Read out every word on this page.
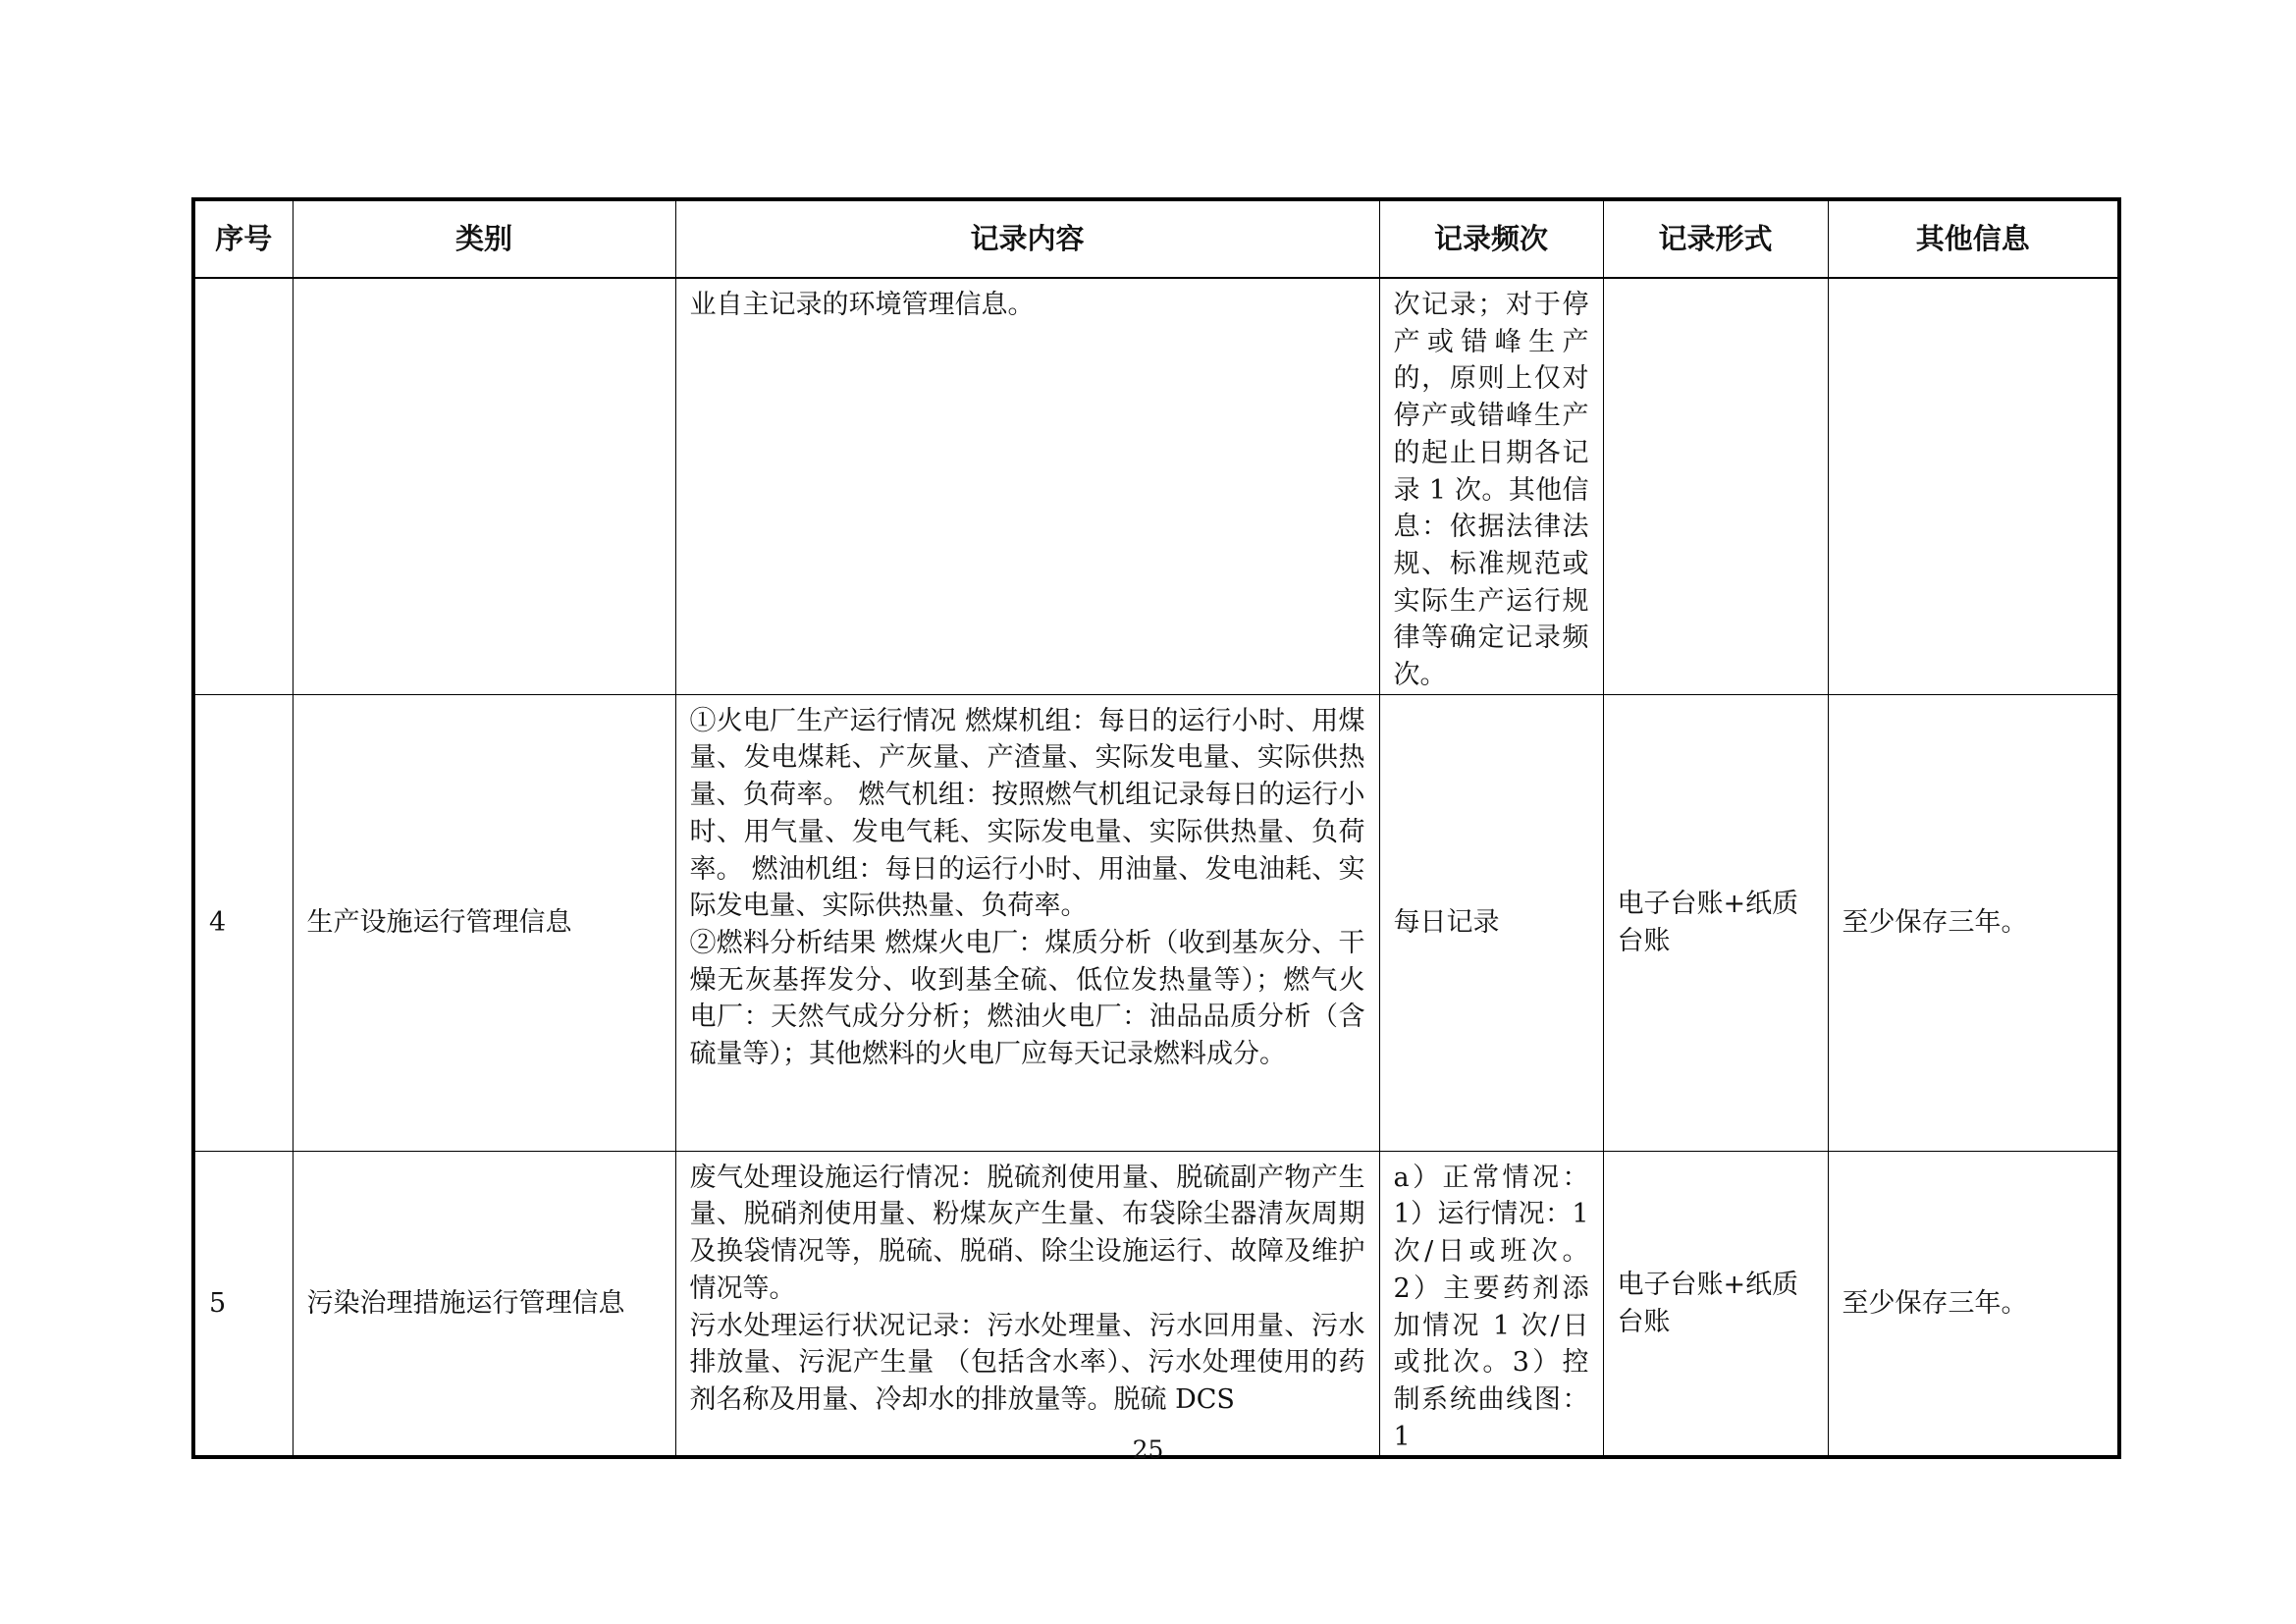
序号	类别	记录内容	记录频次	记录形式	其他信息

		业自主记录的环境管理信息。	次记录；对于停产或错峰生产的，原则上仅对停产或错峰生产的起止日期各记录 1 次。其他信息：依据法律法规、标准规范或实际生产运行规律等确定记录频次。		
4	生产设施运行管理信息	①火电厂生产运行情况 燃煤机组：每日的运行小时、用煤量、发电煤耗、产灰量、产渣量、实际发电量、实际供热量、负荷率。 燃气机组：按照燃气机组记录每日的运行小时、用气量、发电气耗、实际发电量、实际供热量、负荷率。 燃油机组：每日的运行小时、用油量、发电油耗、实际发电量、实际供热量、负荷率。
②燃料分析结果 燃煤火电厂：煤质分析（收到基灰分、干燥无灰基挥发分、收到基全硫、低位发热量等）；燃气火电厂：天然气成分分析；燃油火电厂：油品品质分析（含硫量等）；其他燃料的火电厂应每天记录燃料成分。	每日记录	电子台账+纸质台账	至少保存三年。
5	污染治理措施运行管理信息	废气处理设施运行情况：脱硫剂使用量、脱硫副产物产生量、脱硝剂使用量、粉煤灰产生量、布袋除尘器清灰周期及换袋情况等，脱硫、脱硝、除尘设施运行、故障及维护情况等。
污水处理运行状况记录：污水处理量、污水回用量、污水排放量、污泥产生量 （包括含水率）、污水处理使用的药剂名称及用量、冷却水的排放量等。脱硫 DCS	a）正常情况：1）运行情况：1 次/日或班次。2）主要药剂添加情况 1 次/日或批次。3）控制系统曲线图：1	电子台账+纸质台账	至少保存三年。
25
